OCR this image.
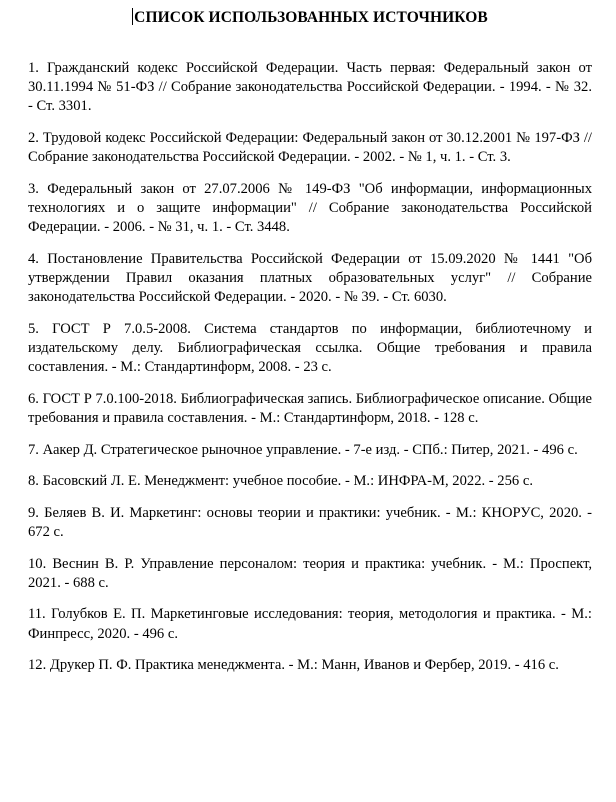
СПИСОК ИСПОЛЬЗОВАННЫХ ИСТОЧНИКОВ
1. Гражданский кодекс Российской Федерации. Часть первая: Федеральный закон от 30.11.1994 № 51-ФЗ // Собрание законодательства Российской Федерации. - 1994. - № 32. - Ст. 3301.
2. Трудовой кодекс Российской Федерации: Федеральный закон от 30.12.2001 № 197-ФЗ // Собрание законодательства Российской Федерации. - 2002. - № 1, ч. 1. - Ст. 3.
3. Федеральный закон от 27.07.2006 № 149-ФЗ "Об информации, информационных технологиях и о защите информации" // Собрание законодательства Российской Федерации. - 2006. - № 31, ч. 1. - Ст. 3448.
4. Постановление Правительства Российской Федерации от 15.09.2020 № 1441 "Об утверждении Правил оказания платных образовательных услуг" // Собрание законодательства Российской Федерации. - 2020. - № 39. - Ст. 6030.
5. ГОСТ Р 7.0.5-2008. Система стандартов по информации, библиотечному и издательскому делу. Библиографическая ссылка. Общие требования и правила составления. - М.: Стандартинформ, 2008. - 23 с.
6. ГОСТ Р 7.0.100-2018. Библиографическая запись. Библиографическое описание. Общие требования и правила составления. - М.: Стандартинформ, 2018. - 128 с.
7. Аакер Д. Стратегическое рыночное управление. - 7-е изд. - СПб.: Питер, 2021. - 496 с.
8. Басовский Л. Е. Менеджмент: учебное пособие. - М.: ИНФРА-М, 2022. - 256 с.
9. Беляев В. И. Маркетинг: основы теории и практики: учебник. - М.: КНОРУС, 2020. - 672 с.
10. Веснин В. Р. Управление персоналом: теория и практика: учебник. - М.: Проспект, 2021. - 688 с.
11. Голубков Е. П. Маркетинговые исследования: теория, методология и практика. - М.: Финпресс, 2020. - 496 с.
12. Друкер П. Ф. Практика менеджмента. - М.: Манн, Иванов и Фербер, 2019. - 416 с.
